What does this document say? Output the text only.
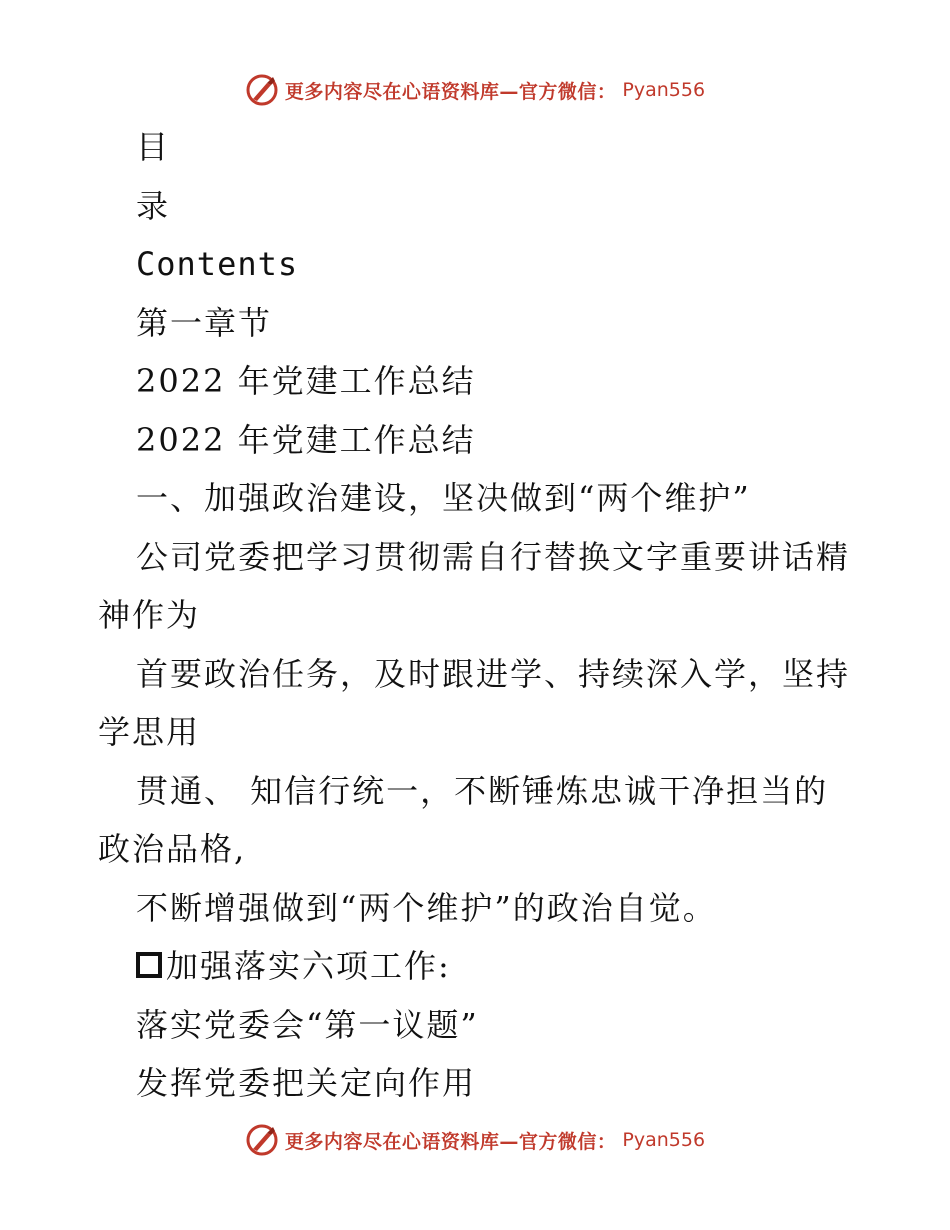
更多内容尽在心语资料库—官方微信： Pyan556
目
录
Contents
第一章节
2022 年党建工作总结
2022 年党建工作总结
一、加强政治建设，坚决做到“两个维护”
公司党委把学习贯彻需自行替换文字重要讲话精
神作为
首要政治任务，及时跟进学、持续深入学，坚持
学思用
贯通、 知信行统一，不断锤炼忠诚干净担当的
政治品格,
不断增强做到“两个维护”的政治自觉。
加强落实六项工作:
落实党委会“第一议题”
发挥党委把关定向作用
更多内容尽在心语资料库—官方微信： Pyan556
